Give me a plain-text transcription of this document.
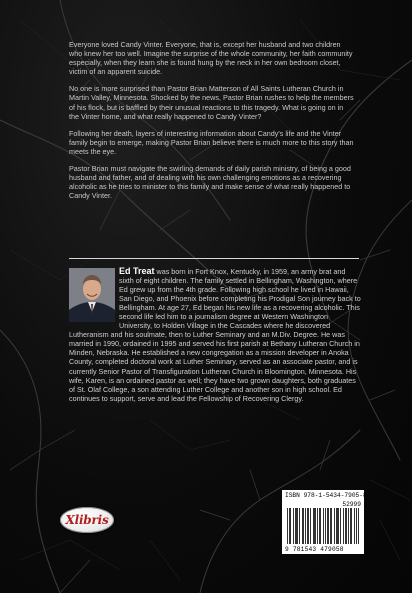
Everyone loved Candy Vinter. Everyone, that is, except her husband and two children who knew her too well. Imagine the surprise of the whole community, her faith community especially, when they learn she is found hung by the neck in her own bedroom closet, victim of an apparent suicide.

No one is more surprised than Pastor Brian Matterson of All Saints Lutheran Church in Martin Valley, Minnesota. Shocked by the news, Pastor Brian rushes to help the members of his flock, but is baffled by their unusual reactions to this tragedy. What is going on in the Vinter home, and what really happened to Candy Vinter?

Following her death, layers of interesting information about Candy's life and the Vinter family begin to emerge, making Pastor Brian believe there is much more to this story than meets the eye.

Pastor Brian must navigate the swirling demands of daily parish ministry, of being a good husband and father, and of dealing with his own challenging emotions as a recovering alcoholic as he tries to minister to this family and make sense of what really happened to Candy Vinter.

Ed Treat was born in Fort Knox, Kentucky, in 1959, an army brat and sixth of eight children. The family settled in Bellingham, Washington, where Ed grew up from the 4th grade. Following high school he lived in Hawaii, San Diego, and Phoenix before completing his Prodigal Son journey back to Bellingham. At age 27, Ed began his new life as a recovering alcoholic. This second life led him to a journalism degree at Western Washington University, to Holden Village in the Cascades where he discovered Lutheranism and his soulmate, then to Luther Seminary and an M.Div. Degree. He was married in 1990, ordained in 1995 and served his first parish at Bethany Lutheran Church in Minden, Nebraska. He established a new congregation as a mission developer in Anoka County, completed doctoral work at Luther Seminary, served as an associate pastor, and is currently Senior Pastor of Transfiguration Lutheran Church in Bloomington, Minnesota. His wife, Karen, is an ordained pastor as well; they have two grown daughters, both graduates of St. Olaf College, a son attending Luther College and another son in high school. Ed continues to support, serve and lead the Fellowship of Recovering Clergy.
Xlibris
ISBN 978-1-5434-7905-8
52999
9 781543 479058
